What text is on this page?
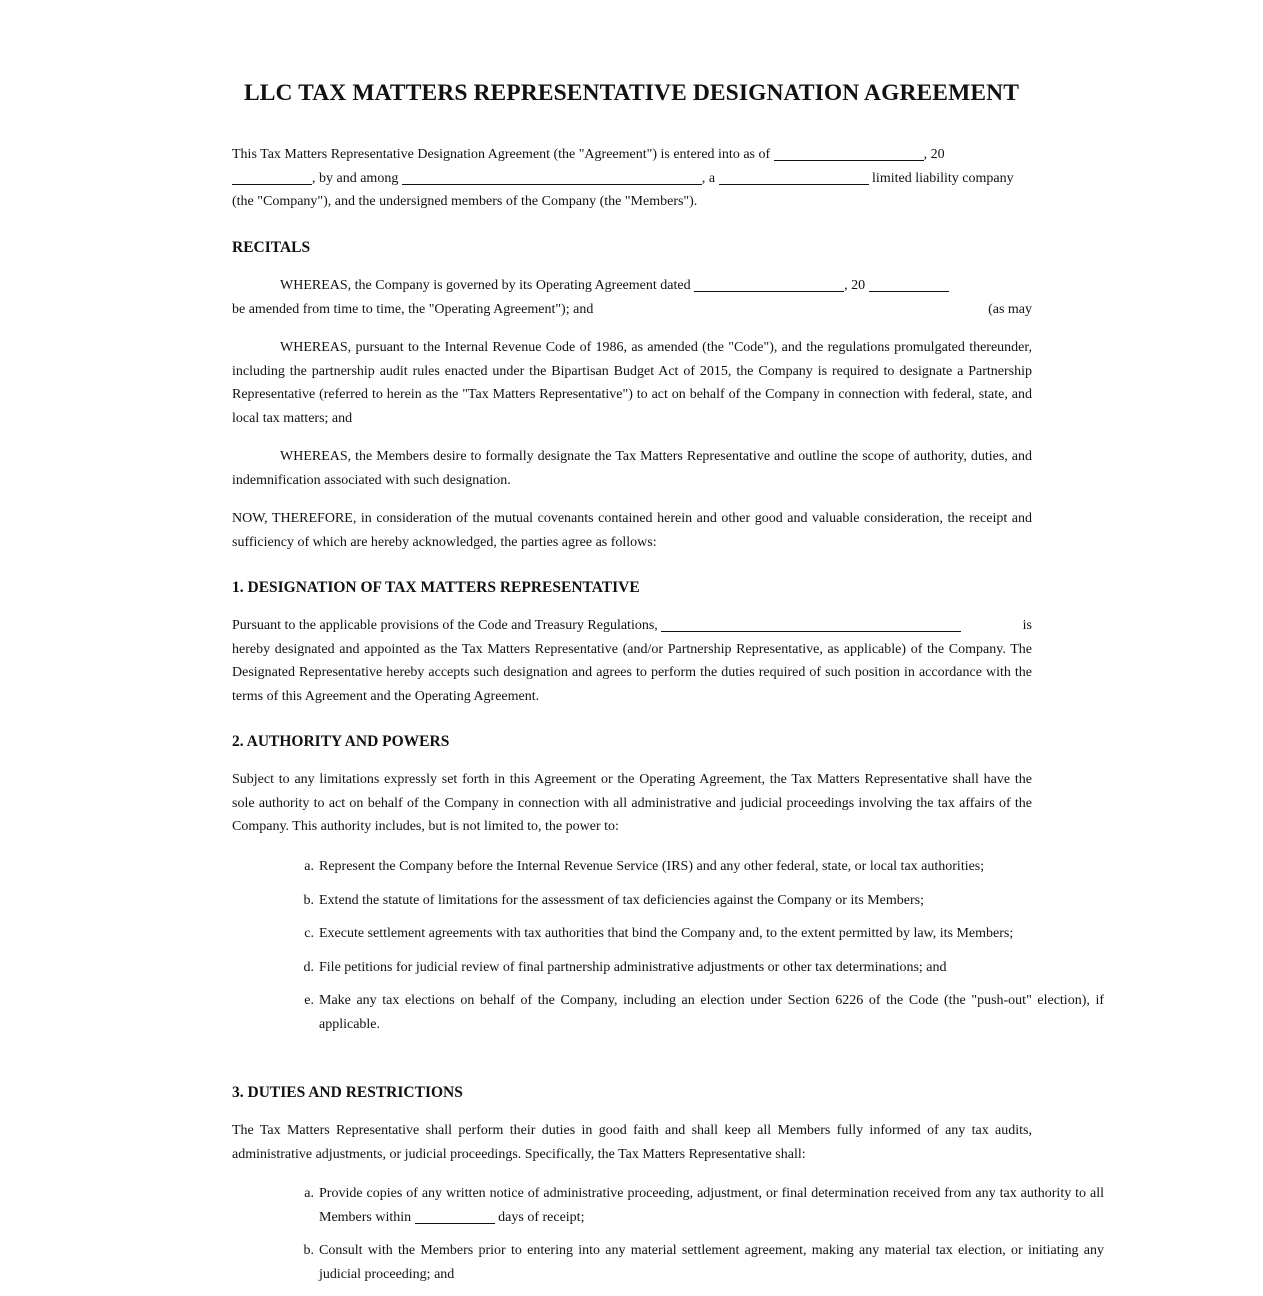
LLC TAX MATTERS REPRESENTATIVE DESIGNATION AGREEMENT

This Tax Matters Representative Designation Agreement (the "Agreement") is entered into as of	, 20
, by and among	, a	limited liability company

(the "Company"), and the undersigned members of the Company (the "Members").

RECITALS

WHEREAS, the Company is governed by its Operating Agreement dated	, 20
(as may

be amended from time to time, the "Operating Agreement"); and

WHEREAS, pursuant to the Internal Revenue Code of 1986, as amended (the "Code"), and the regulations promulgated thereunder, including the partnership audit rules enacted under the Bipartisan Budget Act of 2015, the Company is required to designate a Partnership Representative (referred to herein as the "Tax Matters Representative") to act on behalf of the Company in connection with federal, state, and local tax matters; and

WHEREAS, the Members desire to formally designate the Tax Matters Representative and outline the scope of authority, duties, and indemnification associated with such designation.

NOW, THEREFORE, in consideration of the mutual covenants contained herein and other good and valuable consideration, the receipt and sufficiency of which are hereby acknowledged, the parties agree as follows:

1. DESIGNATION OF TAX MATTERS REPRESENTATIVE

Pursuant to the applicable provisions of the Code and Treasury Regulations,	is

hereby designated and appointed as the Tax Matters Representative (and/or Partnership Representative, as applicable) of the Company. The Designated Representative hereby accepts such designation and agrees to perform the duties required of such position in accordance with the terms of this Agreement and the Operating Agreement.

2. AUTHORITY AND POWERS

Subject to any limitations expressly set forth in this Agreement or the Operating Agreement, the Tax Matters Representative shall have the sole authority to act on behalf of the Company in connection with all administrative and judicial proceedings involving the tax affairs of the Company. This authority includes, but is not limited to, the power to:

a. Represent the Company before the Internal Revenue Service (IRS) and any other federal, state, or local tax authorities;
b. Extend the statute of limitations for the assessment of tax deficiencies against the Company or its Members;
c. Execute settlement agreements with tax authorities that bind the Company and, to the extent permitted by law, its Members;
d. File petitions for judicial review of final partnership administrative adjustments or other tax determinations; and
e. Make any tax elections on behalf of the Company, including an election under Section 6226 of the Code (the "push-out" election), if applicable.
3. DUTIES AND RESTRICTIONS

The Tax Matters Representative shall perform their duties in good faith and shall keep all Members fully informed of any tax audits, administrative adjustments, or judicial proceedings. Specifically, the Tax Matters Representative shall:

a. Provide copies of any written notice of administrative proceeding, adjustment, or final determination received from any tax authority to all Members within	days of receipt;
b. Consult with the Members prior to entering into any material settlement agreement, making any material tax election, or initiating any judicial proceeding; and
